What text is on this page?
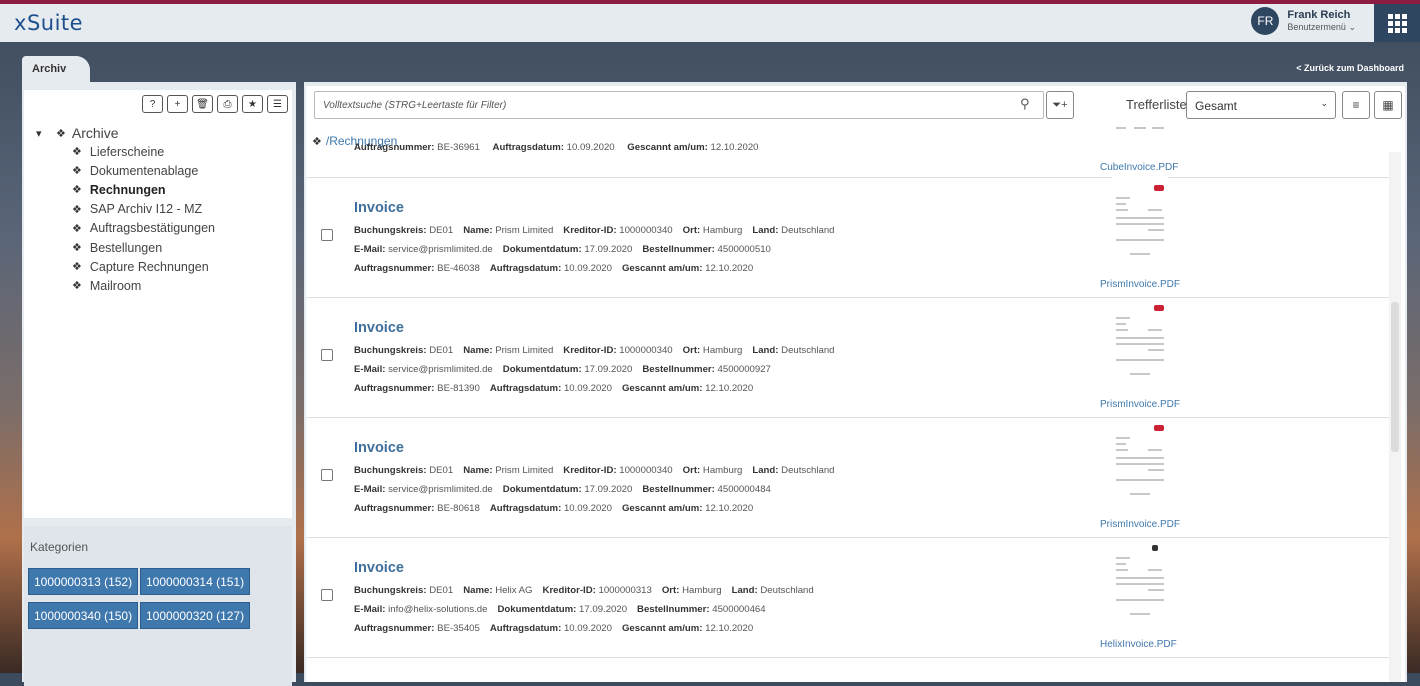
xSuite	FR	Frank Reich
Benutzermenü ⌄
Archiv	< Zurück zum Dashboard
? + 🗑 ⎙ ★ ☰
▾	❖ Archive
❖ Lieferscheine
❖ Dokumentenablage
❖ Rechnungen
❖ SAP Archiv I12 - MZ
❖ Auftragsbestätigungen
❖ Bestellungen
❖ Capture Rechnungen
❖ Mailroom
Kategorien
1000000313 (152)	1000000314 (151)
1000000340 (150)	1000000320 (127)
Volltextsuche (STRG+Leertaste für Filter)	⚲ ⏷+	Trefferliste Gesamt	⌄ ≡ ▦
❖ /Rechnungen
Auftragsnummer: BE-36961 Auftragsdatum: 10.09.2020 Gescannt am/um: 12.10.2020
CubeInvoice.PDF
Invoice
Buchungskreis: DE01 Name: Prism Limited Kreditor-ID: 1000000340 Ort: Hamburg Land: Deutschland
E-Mail: service@prismlimited.de Dokumentdatum: 17.09.2020 Bestellnummer: 4500000510
Auftragsnummer: BE-46038 Auftragsdatum: 10.09.2020 Gescannt am/um: 12.10.2020
PrismInvoice.PDF
Invoice
Buchungskreis: DE01 Name: Prism Limited Kreditor-ID: 1000000340 Ort: Hamburg Land: Deutschland
E-Mail: service@prismlimited.de Dokumentdatum: 17.09.2020 Bestellnummer: 4500000927
Auftragsnummer: BE-81390 Auftragsdatum: 10.09.2020 Gescannt am/um: 12.10.2020
PrismInvoice.PDF
Invoice
Buchungskreis: DE01 Name: Prism Limited Kreditor-ID: 1000000340 Ort: Hamburg Land: Deutschland
E-Mail: service@prismlimited.de Dokumentdatum: 17.09.2020 Bestellnummer: 4500000484
Auftragsnummer: BE-80618 Auftragsdatum: 10.09.2020 Gescannt am/um: 12.10.2020
PrismInvoice.PDF
Invoice
Buchungskreis: DE01 Name: Helix AG Kreditor-ID: 1000000313 Ort: Hamburg Land: Deutschland
E-Mail: info@helix-solutions.de Dokumentdatum: 17.09.2020 Bestellnummer: 4500000464
Auftragsnummer: BE-35405 Auftragsdatum: 10.09.2020 Gescannt am/um: 12.10.2020
HelixInvoice.PDF
